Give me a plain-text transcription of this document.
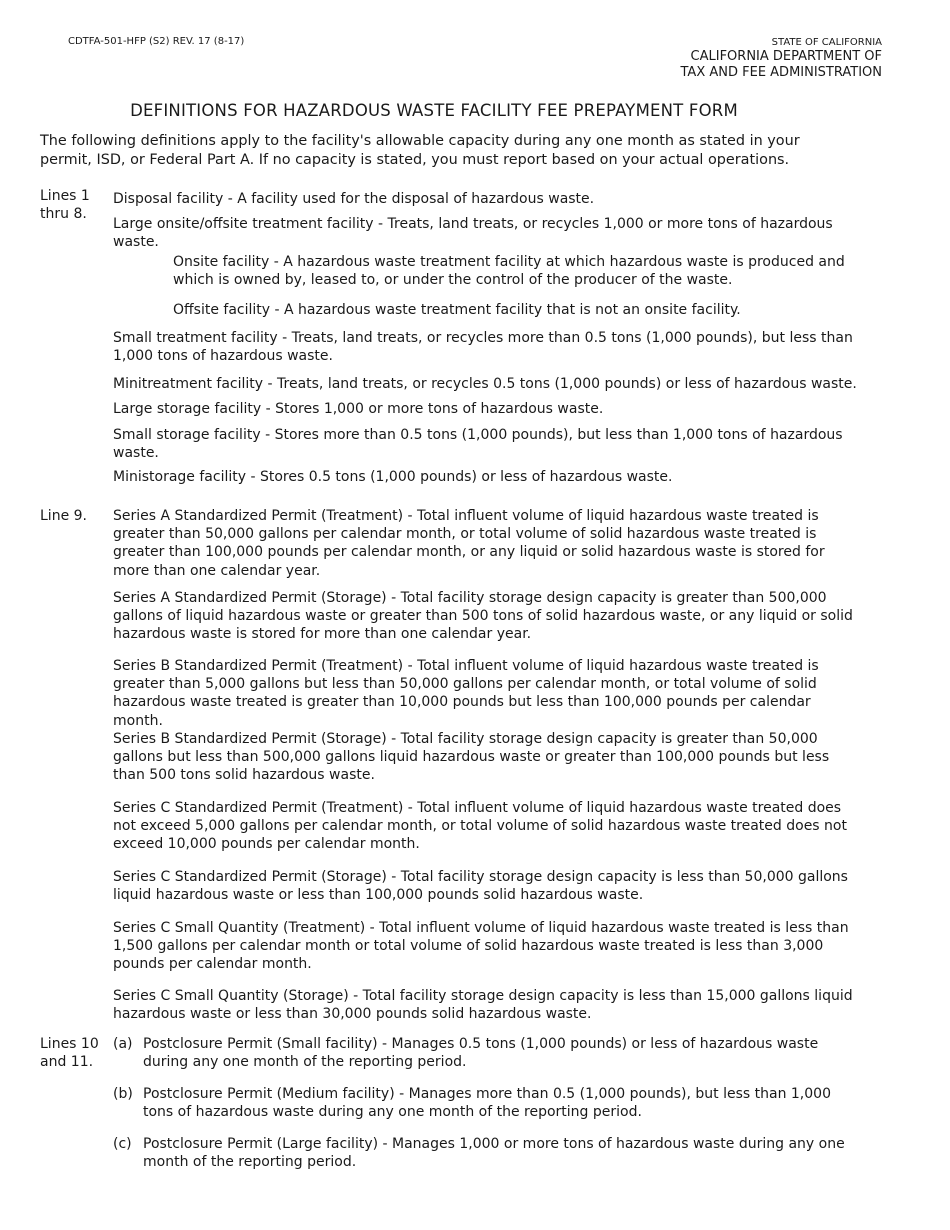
CDTFA-501-HFP (S2) REV. 17 (8-17)	STATE OF CALIFORNIA
CALIFORNIA DEPARTMENT OF
TAX AND FEE ADMINISTRATION
DEFINITIONS FOR HAZARDOUS WASTE FACILITY FEE PREPAYMENT FORM
The following definitions apply to the facility's allowable capacity during any one month as stated in your permit, ISD, or Federal Part A. If no capacity is stated, you must report based on your actual operations.
Lines 1
thru 8.
Disposal facility - A facility used for the disposal of hazardous waste.
Large onsite/offsite treatment facility - Treats, land treats, or recycles 1,000 or more tons of hazardous waste.
Onsite facility - A hazardous waste treatment facility at which hazardous waste is produced and which is owned by, leased to, or under the control of the producer of the waste.
Offsite facility - A hazardous waste treatment facility that is not an onsite facility.
Small treatment facility - Treats, land treats, or recycles more than 0.5 tons (1,000 pounds), but less than 1,000 tons of hazardous waste.
Minitreatment facility - Treats, land treats, or recycles 0.5 tons (1,000 pounds) or less of hazardous waste.
Large storage facility - Stores 1,000 or more tons of hazardous waste.
Small storage facility - Stores more than 0.5 tons (1,000 pounds), but less than 1,000 tons of hazardous waste.
Ministorage facility - Stores 0.5 tons (1,000 pounds) or less of hazardous waste.
Line 9. Series A Standardized Permit (Treatment) - Total influent volume of liquid hazardous waste treated is greater than 50,000 gallons per calendar month, or total volume of solid hazardous waste treated is greater than 100,000 pounds per calendar month, or any liquid or solid hazardous waste is stored for more than one calendar year.
Series A Standardized Permit (Storage) - Total facility storage design capacity is greater than 500,000 gallons of liquid hazardous waste or greater than 500 tons of solid hazardous waste, or any liquid or solid hazardous waste is stored for more than one calendar year.
Series B Standardized Permit (Treatment) - Total influent volume of liquid hazardous waste treated is greater than 5,000 gallons but less than 50,000 gallons per calendar month, or total volume of solid hazardous waste treated is greater than 10,000 pounds but less than 100,000 pounds per calendar month.
Series B Standardized Permit (Storage) - Total facility storage design capacity is greater than 50,000 gallons but less than 500,000 gallons liquid hazardous waste or greater than 100,000 pounds but less than 500 tons solid hazardous waste.
Series C Standardized Permit (Treatment) - Total influent volume of liquid hazardous waste treated does not exceed 5,000 gallons per calendar month, or total volume of solid hazardous waste treated does not exceed 10,000 pounds per calendar month.
Series C Standardized Permit (Storage) - Total facility storage design capacity is less than 50,000 gallons liquid hazardous waste or less than 100,000 pounds solid hazardous waste.
Series C Small Quantity (Treatment) - Total influent volume of liquid hazardous waste treated is less than 1,500 gallons per calendar month or total volume of solid hazardous waste treated is less than 3,000 pounds per calendar month.
Series C Small Quantity (Storage) - Total facility storage design capacity is less than 15,000 gallons liquid hazardous waste or less than 30,000 pounds solid hazardous waste.
Lines 10
and 11.
(a) Postclosure Permit (Small facility) - Manages 0.5 tons (1,000 pounds) or less of hazardous waste during any one month of the reporting period.
(b) Postclosure Permit (Medium facility) - Manages more than 0.5 (1,000 pounds), but less than 1,000 tons of hazardous waste during any one month of the reporting period.
(c) Postclosure Permit (Large facility) - Manages 1,000 or more tons of hazardous waste during any one month of the reporting period.
